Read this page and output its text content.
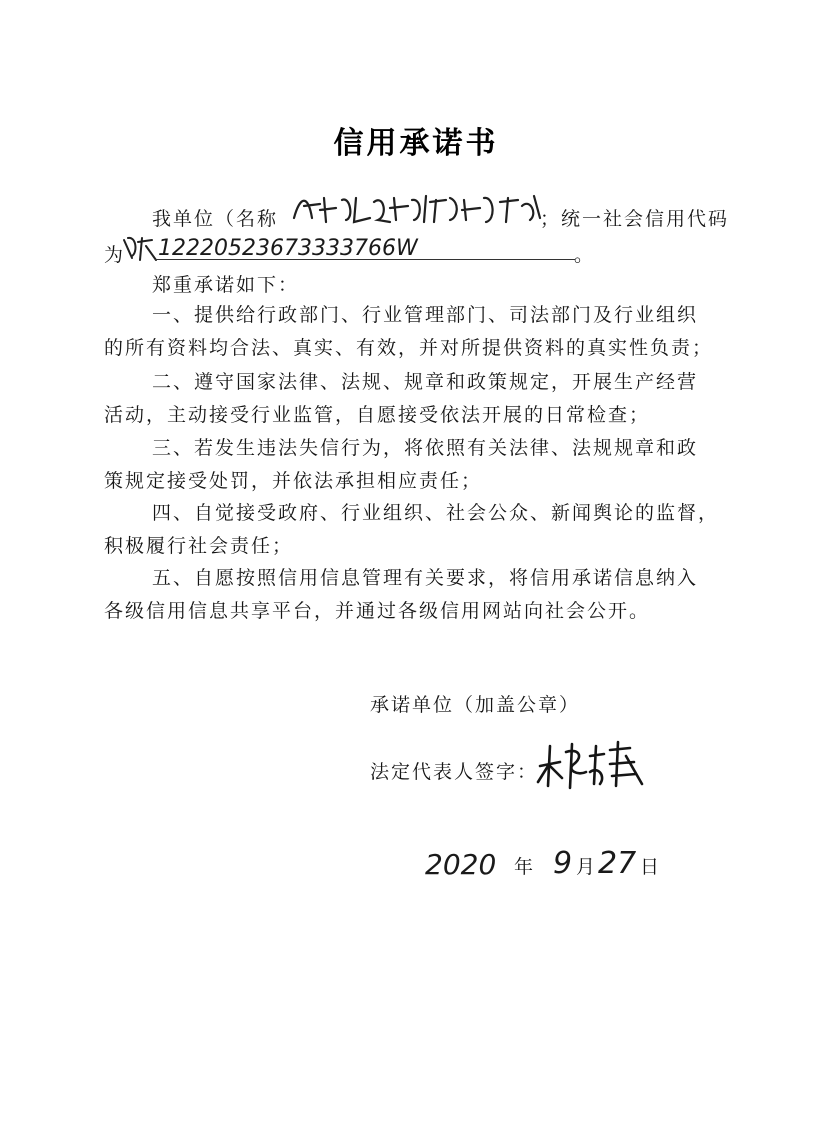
信用承诺书
我单位（名称	；统一社会信用代码
为 12220523673333766W	。
郑重承诺如下：
一、提供给行政部门、行业管理部门、司法部门及行业组织
的所有资料均合法、真实、有效，并对所提供资料的真实性负责；
二、遵守国家法律、法规、规章和政策规定，开展生产经营
活动，主动接受行业监管，自愿接受依法开展的日常检查；
三、若发生违法失信行为，将依照有关法律、法规规章和政
策规定接受处罚，并依法承担相应责任；
四、自觉接受政府、行业组织、社会公众、新闻舆论的监督，
积极履行社会责任；
五、自愿按照信用信息管理有关要求，将信用承诺信息纳入
各级信用信息共享平台，并通过各级信用网站向社会公开。
承诺单位（加盖公章）
法定代表人签字：
2020 年 9 月 27 日
